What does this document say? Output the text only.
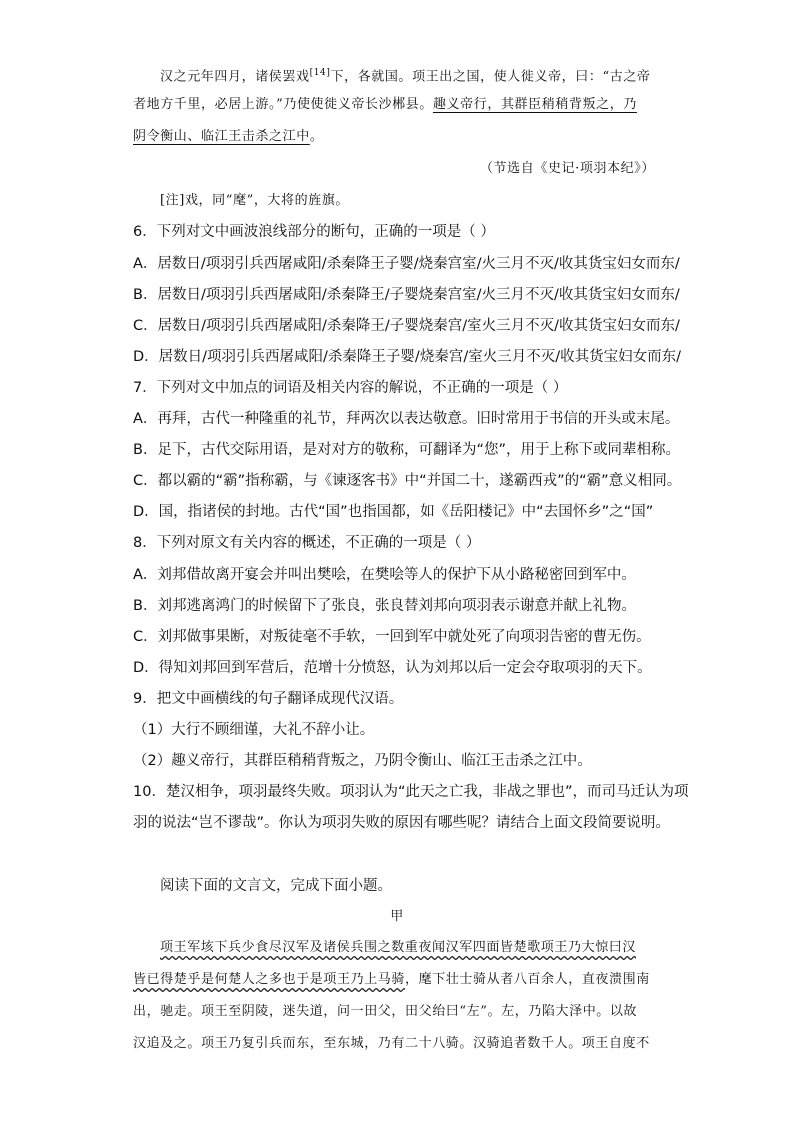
汉之元年四月，诸侯罢戏[14]下，各就国。项王出之国，使人徙义帝，曰：“古之帝
者地方千里，必居上游。”乃使使徙义帝长沙郴县。趣义帝行，其群臣稍稍背叛之，乃
阴令衡山、临江王击杀之江中。
（节选自《史记·项羽本纪》）
[注]戏，同“麾”，大将的旌旗。
6．下列对文中画波浪线部分的断句，正确的一项是（ ）
A．居数日/项羽引兵西屠咸阳/杀秦降王子婴/烧秦宫室/火三月不灭/收其货宝妇女而东/
B．居数日/项羽引兵西屠咸阳/杀秦降王/子婴烧秦宫室/火三月不灭/收其货宝妇女而东/
C．居数日/项羽引兵西屠咸阳/杀秦降王/子婴烧秦宫/室火三月不灭/收其货宝妇女而东/
D．居数日/项羽引兵西屠咸阳/杀秦降王子婴/烧秦宫/室火三月不灭/收其货宝妇女而东/
7．下列对文中加点的词语及相关内容的解说，不正确的一项是（ ）
A．再拜，古代一种隆重的礼节，拜两次以表达敬意。旧时常用于书信的开头或末尾。
B．足下，古代交际用语，是对对方的敬称，可翻译为“您”，用于上称下或同辈相称。
C．都以霸的“霸”指称霸，与《谏逐客书》中“并国二十，遂霸西戎”的“霸”意义相同。
D．国，指诸侯的封地。古代“国”也指国都，如《岳阳楼记》中“去国怀乡”之“国”
8．下列对原文有关内容的概述，不正确的一项是（ ）
A．刘邦借故离开宴会并叫出樊哙，在樊哙等人的保护下从小路秘密回到军中。
B．刘邦逃离鸿门的时候留下了张良，张良替刘邦向项羽表示谢意并献上礼物。
C．刘邦做事果断，对叛徒毫不手软，一回到军中就处死了向项羽告密的曹无伤。
D．得知刘邦回到军营后，范增十分愤怒，认为刘邦以后一定会夺取项羽的天下。
9．把文中画横线的句子翻译成现代汉语。
（1）大行不顾细谨，大礼不辞小让。
（2）趣义帝行，其群臣稍稍背叛之，乃阴令衡山、临江王击杀之江中。
10．楚汉相争，项羽最终失败。项羽认为“此天之亡我，非战之罪也”，而司马迁认为项
羽的说法“岂不谬哉”。你认为项羽失败的原因有哪些呢？请结合上面文段简要说明。
阅读下面的文言文，完成下面小题。
甲
项王军垓下兵少食尽汉军及诸侯兵围之数重夜闻汉军四面皆楚歌项王乃大惊曰汉
皆已得楚乎是何楚人之多也于是项王乃上马骑，麾下壮士骑从者八百余人，直夜溃围南
出，驰走。项王至阴陵，迷失道，问一田父，田父绐曰“左”。左，乃陷大泽中。以故
汉追及之。项王乃复引兵而东，至东城，乃有二十八骑。汉骑追者数千人。项王自度不
